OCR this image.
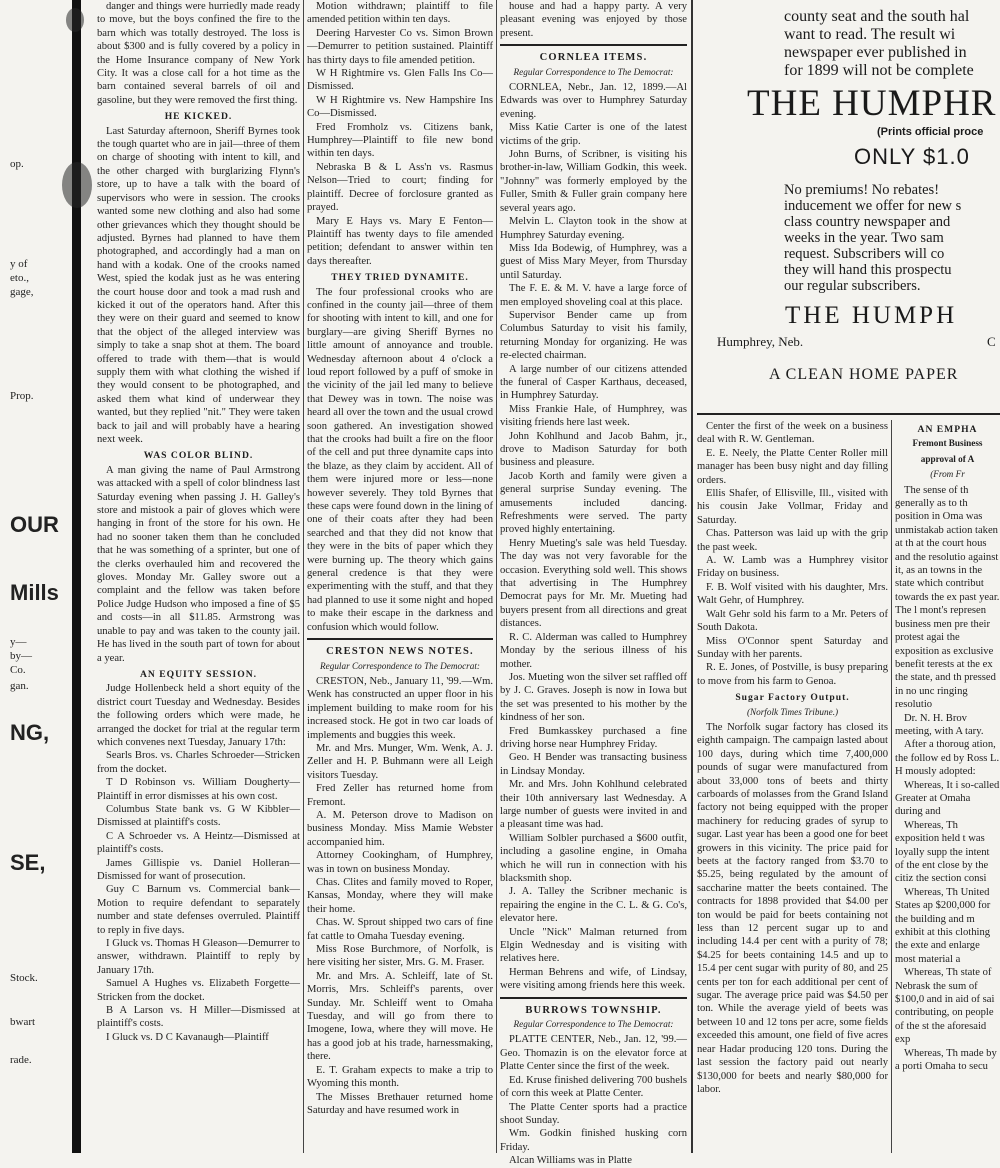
op.
y of
eto.,
gage,
Prop.
OUR
Mills
y—
by—
Co.
gan.
NG,
SE,
Stock.
bwart
rade.

danger and things were hurriedly made ready to move, but the boys confined the fire to the barn which was totally destroyed. The loss is about $300 and is fully covered by a policy in the Home Insurance company of New York City. It was a close call for a hot time as the barn contained several barrels of oil and gasoline, but they were removed the first thing.

HE KICKED.

Last Saturday afternoon, Sheriff Byrnes took the tough quartet who are in jail—three of them on charge of shooting with intent to kill, and the other charged with burglarizing Flynn's store, up to have a talk with the board of supervisors who were in session. The crooks wanted some new clothing and also had some other grievances which they thought should be adjusted. Byrnes had planned to have them photographed, and accordingly had a man on hand with a kodak. One of the crooks named West, spied the kodak just as he was entering the court house door and took a mad rush and kicked it out of the operators hand. After this they were on their guard and seemed to know that the object of the alleged interview was simply to take a snap shot at them. The board offered to trade with them—that is would supply them with what clothing the wished if they would consent to be photographed, and asked them what kind of underwear they wanted, but they replied "nit." They were taken back to jail and will probably have a hearing next week.

WAS COLOR BLIND.

A man giving the name of Paul Armstrong was attacked with a spell of color blindness last Saturday evening when passing J. H. Galley's store and mistook a pair of gloves which were hanging in front of the store for his own. He had no sooner taken them than he concluded that he was something of a sprinter, but one of the clerks overhauled him and recovered the gloves. Monday Mr. Galley swore out a complaint and the fellow was taken before Police Judge Hudson who imposed a fine of $5 and costs—in all $11.85. Armstrong was unable to pay and was taken to the county jail. He has lived in the south part of town for about a year.

AN EQUITY SESSION.

Judge Hollenbeck held a short equity of the district court Tuesday and Wednesday. Besides the following orders which were made, he arranged the docket for trial at the regular term which convenes next Tuesday, January 17th:

Searls Bros. vs. Charles Schroeder—Stricken from the docket.

T D Robinson vs. William Dougherty—Plaintiff in error dismisses at his own cost.

Columbus State bank vs. G W Kibbler—Dismissed at plaintiff's costs.

C A Schroeder vs. A Heintz—Dismissed at plaintiff's costs.

James Gillispie vs. Daniel Holleran—Dismissed for want of prosecution.

Guy C Barnum vs. Commercial bank—Motion to require defendant to separately number and state defenses overruled. Plaintiff to reply in five days.

I Gluck vs. Thomas H Gleason—Demurrer to answer, withdrawn. Plaintiff to reply by January 17th.

Samuel A Hughes vs. Elizabeth Forgette—Stricken from the docket.

B A Larson vs. H Miller—Dismissed at plaintiff's costs.

I Gluck vs. D C Kavanaugh—Plaintiff

Motion withdrawn; plaintiff to file amended petition within ten days.

Deering Harvester Co vs. Simon Brown—Demurrer to petition sustained. Plaintiff has thirty days to file amended petition.

W H Rightmire vs. Glen Falls Ins Co—Dismissed.

W H Rightmire vs. New Hampshire Ins Co—Dismissed.

Fred Fromholz vs. Citizens bank, Humphrey—Plaintiff to file new bond within ten days.

Nebraska B & L Ass'n vs. Rasmus Nelson—Tried to court; finding for plaintiff. Decree of forclosure granted as prayed.

Mary E Hays vs. Mary E Fenton—Plaintiff has twenty days to file amended petition; defendant to answer within ten days thereafter.

THEY TRIED DYNAMITE.

The four professional crooks who are confined in the county jail—three of them for shooting with intent to kill, and one for burglary—are giving Sheriff Byrnes no little amount of annoyance and trouble. Wednesday afternoon about 4 o'clock a loud report followed by a puff of smoke in the vicinity of the jail led many to believe that Dewey was in town. The noise was heard all over the town and the usual crowd soon gathered. An investigation showed that the crooks had built a fire on the floor of the cell and put three dynamite caps into the blaze, as they claim by accident. All of them were injured more or less—none however severely. They told Byrnes that these caps were found down in the lining of one of their coats after they had been searched and that they did not know that they were in the bits of paper which they were burning up. The theory which gains general credence is that they were experimenting with the stuff, and that they had planned to use it some night and hoped to make their escape in the darkness and confusion which would follow.

CRESTON NEWS NOTES.
Regular Correspondence to The Democrat:

CRESTON, Neb., January 11, '99.—Wm. Wenk has constructed an upper floor in his implement building to make room for his increased stock. He got in two car loads of implements and buggies this week.

Mr. and Mrs. Munger, Wm. Wenk, A. J. Zeller and H. P. Buhmann were all Leigh visitors Tuesday.

Fred Zeller has returned home from Fremont.

A. M. Peterson drove to Madison on business Monday. Miss Mamie Webster accompanied him.

Attorney Cookingham, of Humphrey, was in town on business Monday.

Chas. Clites and family moved to Roper, Kansas, Monday, where they will make their home.

Chas. W. Sprout shipped two cars of fine fat cattle to Omaha Tuesday evening.

Miss Rose Burchmore, of Norfolk, is here visiting her sister, Mrs. G. M. Fraser.

Mr. and Mrs. A. Schleiff, late of St. Morris, Mrs. Schleiff's parents, over Sunday. Mr. Schleiff went to Omaha Tuesday, and will go from there to Imogene, Iowa, where they will move. He has a good job at his trade, harnessmaking, there.

E. T. Graham expects to make a trip to Wyoming this month.

The Misses Brethauer returned home Saturday and have resumed work in

house and had a happy party. A very pleasant evening was enjoyed by those present.

CORNLEA ITEMS.
Regular Correspondence to The Democrat:

CORNLEA, Nebr., Jan. 12, 1899.—Al Edwards was over to Humphrey Saturday evening.

Miss Katie Carter is one of the latest victims of the grip.

John Burns, of Scribner, is visiting his brother-in-law, William Godkin, this week. "Johnny" was formerly employed by the Fuller, Smith & Fuller grain company here several years ago.

Melvin L. Clayton took in the show at Humphrey Saturday evening.

Miss Ida Bodewig, of Humphrey, was a guest of Miss Mary Meyer, from Thursday until Saturday.

The F. E. & M. V. have a large force of men employed shoveling coal at this place.

Supervisor Bender came up from Columbus Saturday to visit his family, returning Monday for organizing. He was re-elected chairman.

A large number of our citizens attended the funeral of Casper Karthaus, deceased, in Humphrey Saturday.

Miss Frankie Hale, of Humphrey, was visiting friends here last week.

John Kohlhund and Jacob Bahm, jr., drove to Madison Saturday for both business and pleasure.

Jacob Korth and family were given a general surprise Sunday evening. The amusements included dancing. Refreshments were served. The party proved highly entertaining.

Henry Mueting's sale was held Tuesday. The day was not very favorable for the occasion. Everything sold well. This shows that advertising in The Humphrey Democrat pays for Mr. Mr. Mueting had buyers present from all directions and great distances.

R. C. Alderman was called to Humphrey Monday by the serious illness of his mother.

Jos. Mueting won the silver set raffled off by J. C. Graves. Joseph is now in Iowa but the set was presented to his mother by the kindness of her son.

Fred Bumkasskey purchased a fine driving horse near Humphrey Friday.

Geo. H Bender was transacting business in Lindsay Monday.

Mr. and Mrs. John Kohlhund celebrated their 10th anniversary last Wednesday. A large number of guests were invited in and a pleasant time was had.

William Solbler purchased a $600 outfit, including a gasoline engine, in Omaha which he will run in connection with his blacksmith shop.

J. A. Talley the Scribner mechanic is repairing the engine in the C. L. & G. Co's, elevator here.

Uncle "Nick" Malman returned from Elgin Wednesday and is visiting with relatives here.

Herman Behrens and wife, of Lindsay, were visiting among friends here this week.

BURROWS TOWNSHIP.
Regular Correspondence to The Democrat:

PLATTE CENTER, Neb., Jan. 12, '99.—Geo. Thomazin is on the elevator force at Platte Center since the first of the week.

Ed. Kruse finished delivering 700 bushels of corn this week at Platte Center.

The Platte Center sports had a practice shoot Sunday.

Wm. Godkin finished husking corn Friday.

Alcan Williams was in Platte

county seat and the south hal
want to read. The result wi
newspaper ever published in
for 1899 will not be complete
THE HUMPHR
(Prints official proce
ONLY $1.0
No premiums! No rebates!
inducement we offer for new s
class country newspaper and
weeks in the year. Two sam
request. Subscribers will co
they will hand this prospectu
our regular subscribers.
THE HUMPH
Humphrey, Neb.	C
A CLEAN HOME PAPER

Center the first of the week on a business deal with R. W. Gentleman.

E. E. Neely, the Platte Center Roller mill manager has been busy night and day filling orders.

Ellis Shafer, of Ellisville, Ill., visited with his cousin Jake Vollmar, Friday and Saturday.

Chas. Patterson was laid up with the grip the past week.

A. W. Lamb was a Humphrey visitor Friday on business.

F. B. Wolf visited with his daughter, Mrs. Walt Gehr, of Humphrey.

Walt Gehr sold his farm to a Mr. Peters of South Dakota.

Miss O'Connor spent Saturday and Sunday with her parents.

R. E. Jones, of Postville, is busy preparing to move from his farm to Genoa.

Sugar Factory Output.
(Norfolk Times Tribune.)

The Norfolk sugar factory has closed its eighth campaign. The campaign lasted about 100 days, during which time 7,400,000 pounds of sugar were manufactured from about 33,000 tons of beets and thirty carboards of molasses from the Grand Island factory not being equipped with the proper machinery for reducing grades of syrup to sugar. Last year has been a good one for beet growers in this vicinity. The price paid for beets at the factory ranged from $3.70 to $5.25, being regulated by the amount of saccharine matter the beets contained. The contracts for 1898 provided that $4.00 per ton would be paid for beets containing not less than 12 percent sugar up to and including 14.4 per cent with a purity of 78; $4.25 for beets containing 14.5 and up to 15.4 per cent sugar with purity of 80, and 25 cents per ton for each additional per cent of sugar. The average price paid was $4.50 per ton. While the average yield of beets was between 10 and 12 tons per acre, some fields exceeded this amount, one field of five acres near Hadar producing 120 tons. During the last session the factory paid out nearly $130,000 for beets and nearly $80,000 for labor.

AN EMPHA
Fremont Business
approval of A
(From Fr

The sense of th generally as to th position in Oma was unmistakab action taken at th at the court hous and the resolutio against it, as an towns in the state which contribut towards the ex past year. The l mont's represen business men pre their protest agai the exposition as exclusive benefit terests at the ex the state, and th pressed in no unc ringing resolutio

Dr. N. H. Brov meeting, with A tary.

After a thoroug ation, the follow ed by Ross L. H mously adopted:

Whereas, It i so-called Greater at Omaha during and

Whereas, Th exposition held t was loyally supp the intent of the ent close by the citiz the section consi

Whereas, Th United States ap $200,000 for the building and m exhibit at this clothing the exte and enlarge most material a

Whereas, Th state of Nebrask the sum of $100,0 and in aid of sai contributing, on people of the st the aforesaid exp

Whereas, Th made by a porti Omaha to secu
